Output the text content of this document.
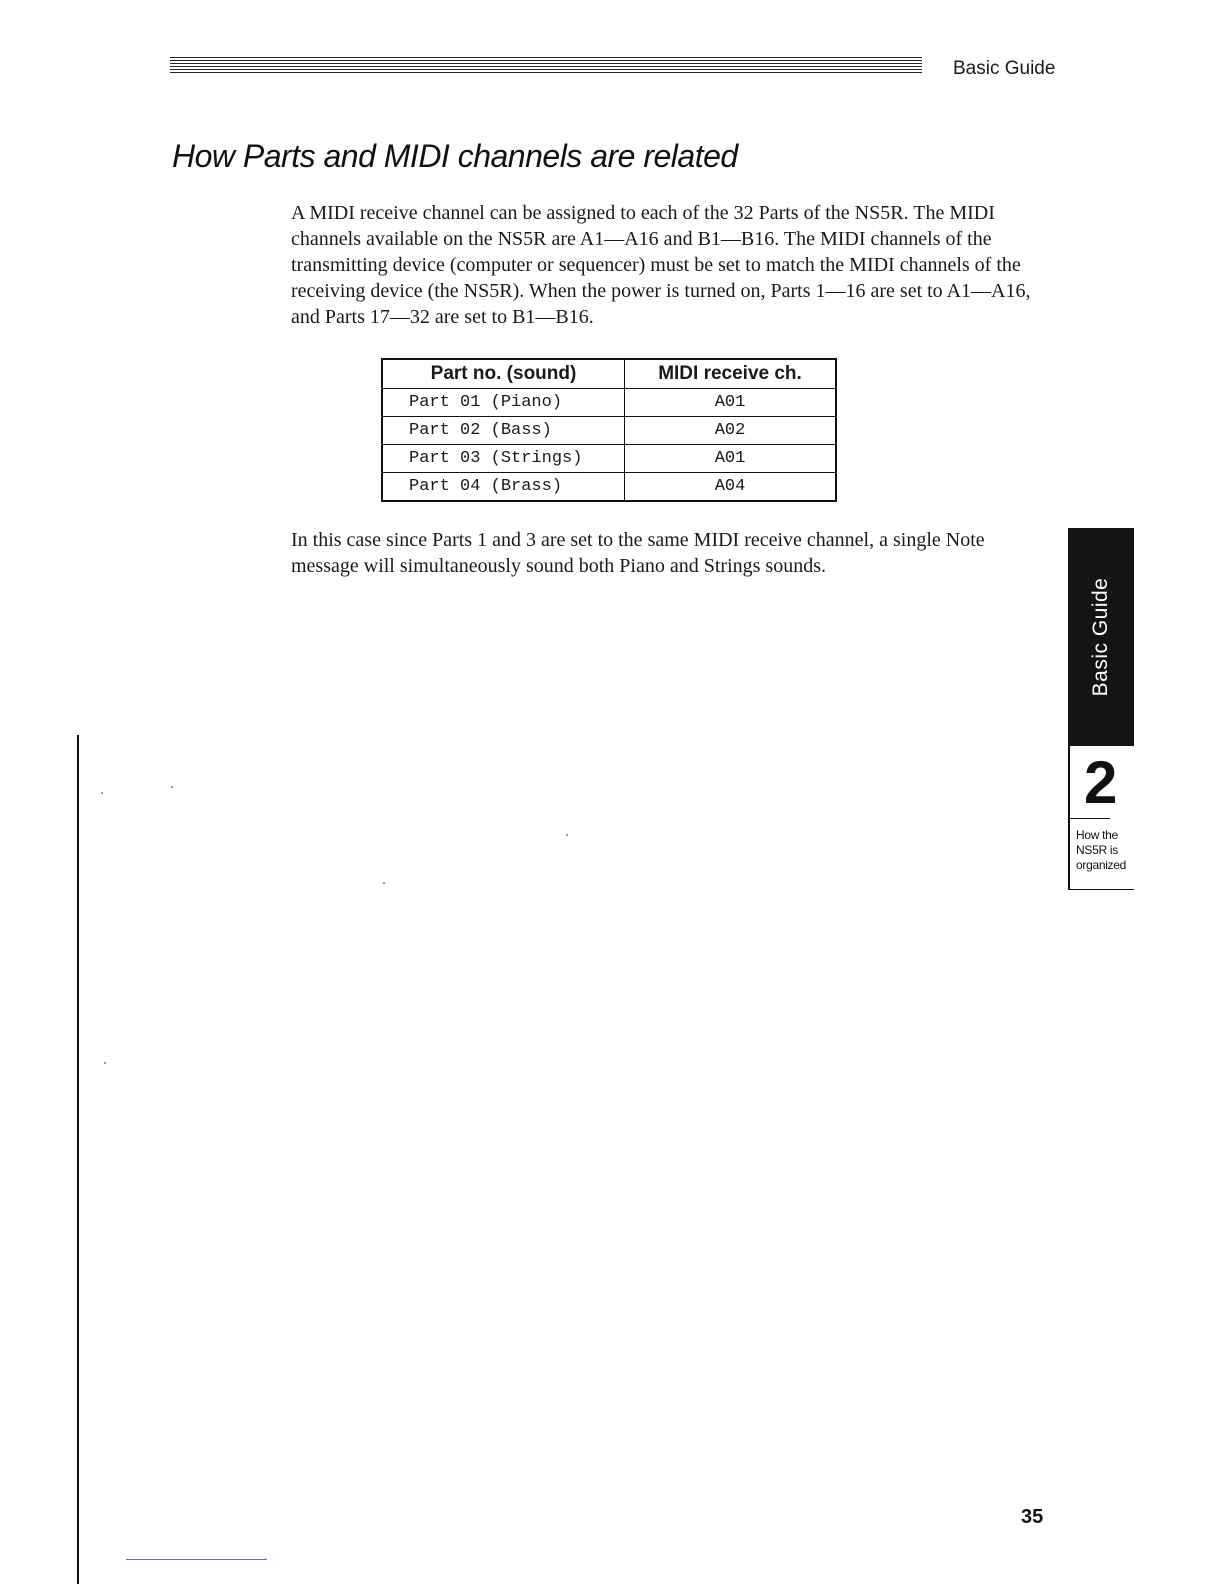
Basic Guide
How Parts and MIDI channels are related

A MIDI receive channel can be assigned to each of the 32 Parts of the NS5R. The MIDI channels available on the NS5R are A1—A16 and B1—B16. The MIDI channels of the transmitting device (computer or sequencer) must be set to match the MIDI channels of the receiving device (the NS5R). When the power is turned on, Parts 1—16 are set to A1—A16, and Parts 17—32 are set to B1—B16.

Part no. (sound)	MIDI receive ch.
Part 01 (Piano)	A01
Part 02 (Bass)	A02
Part 03 (Strings)	A01
Part 04 (Brass)	A04

In this case since Parts 1 and 3 are set to the same MIDI receive channel, a single Note message will simultaneously sound both Piano and Strings sounds.

Basic Guide
2
How the
NS5R is
organized
35
